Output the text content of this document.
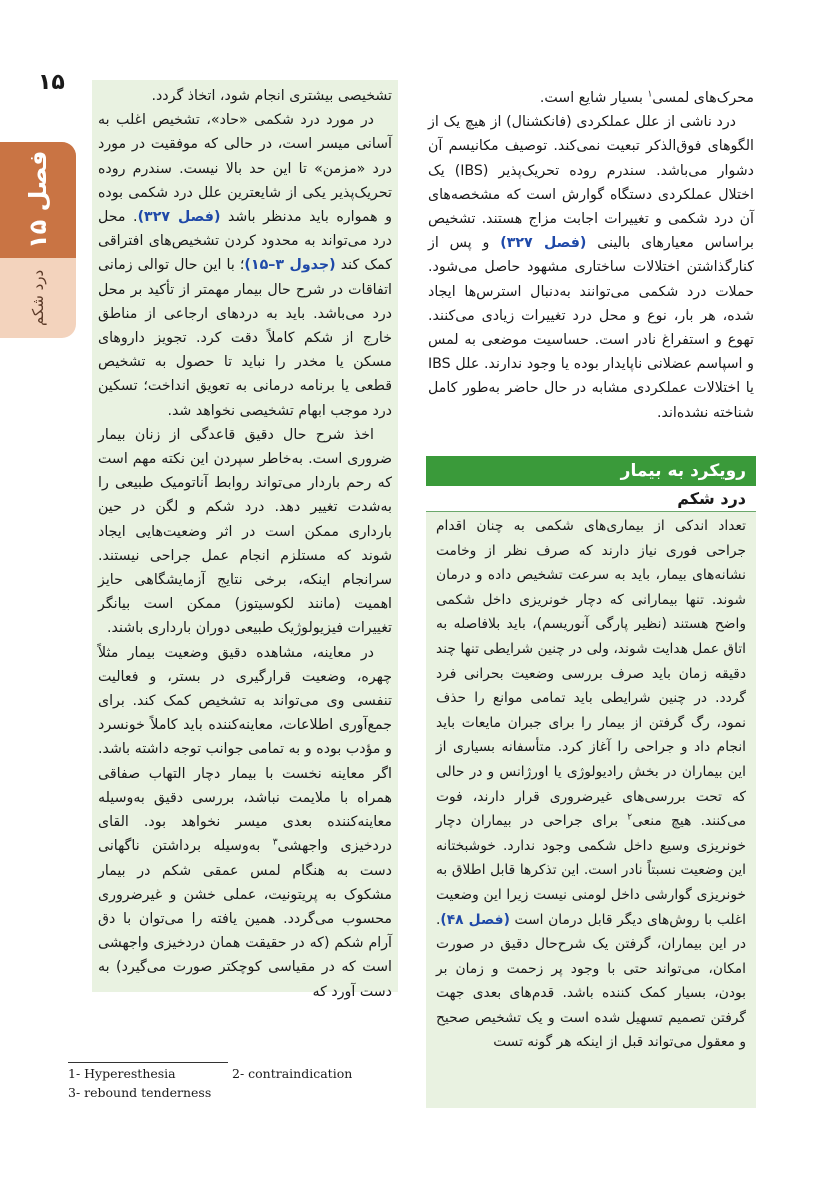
۱۵
فصل ۱۵
درد شکم

محرک‌های لمسی$^۱$ بسیار شایع است.

درد ناشی از علل عملکردی (فانکشنال) از هیچ یک از الگوهای فوق‌الذکر تبعیت نمی‌کند. توصیف مکانیسم آن دشوار می‌باشد. سندرم روده تحریک‌پذیر (IBS) یک اختلال عملکردی دستگاه گوارش است که مشخصه‌های آن درد شکمی و تغییرات اجابت مزاج هستند. تشخیص براساس معیارهای بالینی (فصل ۳۲۷) و پس از کنارگذاشتن اختلالات ساختاری مشهود حاصل می‌شود. حملات درد شکمی می‌توانند به‌دنبال استرس‌ها ایجاد شده، هر بار، نوع و محل درد تغییرات زیادی می‌کنند. تهوع و استفراغ نادر است. حساسیت موضعی به لمس و اسپاسم عضلانی ناپایدار بوده یا وجود ندارند. علل IBS یا اختلالات عملکردی مشابه در حال حاضر به‌طور کامل شناخته نشده‌اند.

رویکرد به بیمار
درد شکم

تعداد اندکی از بیماری‌های شکمی به چنان اقدام جراحی فوری نیاز دارند که صرف نظر از وخامت نشانه‌های بیمار، باید به سرعت تشخیص داده و درمان شوند. تنها بیمارانی که دچار خونریزی داخل شکمی واضح هستند (نظیر پارگی آنوریسم)، باید بلافاصله به اتاق عمل هدایت شوند، ولی در چنین شرایطی تنها چند دقیقه زمان باید صرف بررسی وضعیت بحرانی فرد گردد. در چنین شرایطی باید تمامی موانع را حذف نمود، رگ گرفتن از بیمار را برای جبران مایعات باید انجام داد و جراحی را آغاز کرد. متأسفانه بسیاری از این بیماران در بخش رادیولوژی یا اورژانس و در حالی که تحت بررسی‌های غیرضروری قرار دارند، فوت می‌کنند. هیچ منعی$^۲$ برای جراحی در بیماران دچار خونریزی وسیع داخل شکمی وجود ندارد. خوشبختانه این وضعیت نسبتاً نادر است. این تذکرها قابل اطلاق به خونریزی گوارشی داخل لومنی نیست زیرا این وضعیت اغلب با روش‌های دیگر قابل درمان است (فصل ۴۸). در این بیماران، گرفتن یک شرح‌حال دقیق در صورت امکان، می‌تواند حتی با وجود پر زحمت و زمان بر بودن، بسیار کمک کننده باشد. قدم‌های بعدی جهت گرفتن تصمیم تسهیل شده است و یک تشخیص صحیح و معقول می‌تواند قبل از اینکه هر گونه تست

تشخیصی بیشتری انجام شود، اتخاذ گردد.

در مورد درد شکمی «حاد»، تشخیص اغلب به آسانی میسر است، در حالی که موفقیت در مورد درد «مزمن» تا این حد بالا نیست. سندرم روده تحریک‌پذیر یکی از شایعترین علل درد شکمی بوده و همواره باید مدنظر باشد (فصل ۳۲۷). محل درد می‌تواند به محدود کردن تشخیص‌های افتراقی کمک کند (جدول ۳–۱۵)؛ با این حال توالی زمانی اتفاقات در شرح حال بیمار مهمتر از تأکید بر محل درد می‌باشد. باید به دردهای ارجاعی از مناطق خارج از شکم کاملاً دقت کرد. تجویز داروهای مسکن یا مخدر را نباید تا حصول به تشخیص قطعی یا برنامه درمانی به تعویق انداخت؛ تسکین درد موجب ابهام تشخیصی نخواهد شد.

اخذ شرح حال دقیق قاعدگی از زنان بیمار ضروری است. به‌خاطر سپردن این نکته مهم است که رحم باردار می‌تواند روابط آناتومیک طبیعی را به‌شدت تغییر دهد. درد شکم و لگن در حین بارداری ممکن است در اثر وضعیت‌هایی ایجاد شوند که مستلزم انجام عمل جراحی نیستند. سرانجام اینکه، برخی نتایج آزمایشگاهی حایز اهمیت (مانند لکوسیتوز) ممکن است بیانگر تغییرات فیزیولوژیک طبیعی دوران بارداری باشند.

در معاینه، مشاهده دقیق وضعیت بیمار مثلاً چهره، وضعیت قرارگیری در بستر، و فعالیت تنفسی وی می‌تواند به تشخیص کمک کند. برای جمع‌آوری اطلاعات، معاینه‌کننده باید کاملاً خونسرد و مؤدب بوده و به تمامی جوانب توجه داشته باشد. اگر معاینه نخست با بیمار دچار التهاب صفاقی همراه با ملایمت نباشد، بررسی دقیق به‌وسیله معاینه‌کننده بعدی میسر نخواهد بود. القای دردخیزی واجهشی$^۳$ به‌وسیله برداشتن ناگهانی دست به هنگام لمس عمقی شکم در بیمار مشکوک به پریتونیت، عملی خشن و غیرضروری محسوب می‌گردد. همین یافته را می‌توان با دق آرام شکم (که در حقیقت همان دردخیزی واجهشی است که در مقیاسی کوچکتر صورت می‌گیرد) به دست آورد که

1- Hyperesthesia	2- contraindication
3- rebound tenderness
